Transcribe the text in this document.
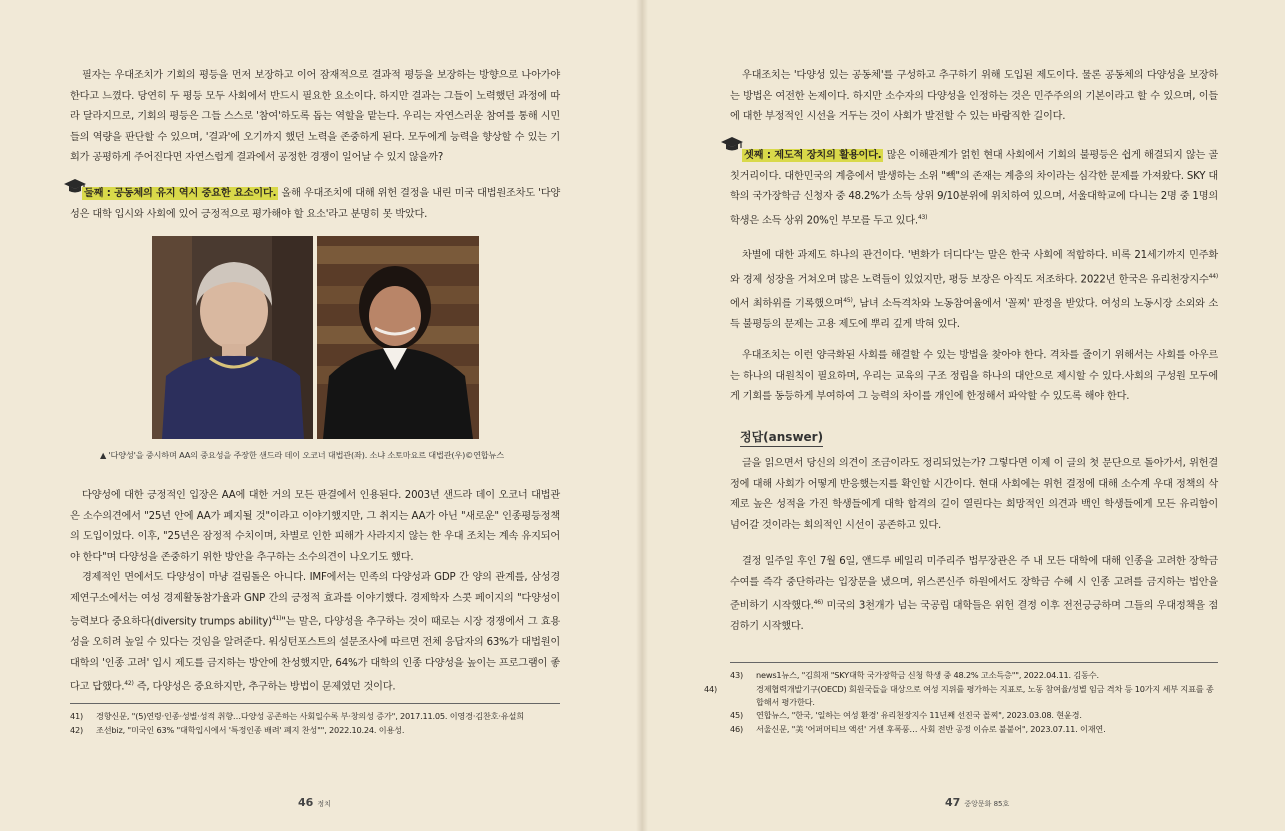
필자는 우대조치가 기회의 평등을 먼저 보장하고 이어 잠재적으로 결과적 평등을 보장하는 방향으로 나아가야 한다고 느꼈다. 당연히 두 평등 모두 사회에서 반드시 필요한 요소이다. 하지만 결과는 그들이 노력했던 과정에 따라 달라지므로, 기회의 평등은 그들 스스로 '참여'하도록 돕는 역할을 맡는다. 우리는 자연스러운 참여를 통해 시민들의 역량을 판단할 수 있으며, '결과'에 오기까지 했던 노력을 존중하게 된다. 모두에게 능력을 향상할 수 있는 기회가 공평하게 주어진다면 자연스럽게 결과에서 공정한 경쟁이 일어날 수 있지 않을까?

둘째 : 공동체의 유지 역시 중요한 요소이다. 올해 우대조치에 대해 위헌 결정을 내린 미국 대법원조차도 '다양성은 대학 입시와 사회에 있어 긍정적으로 평가해야 할 요소'라고 분명히 못 박았다.

▲ '다양성'을 중시하며 AA의 중요성을 주장한 샌드라 데이 오코너 대법관(좌). 소냐 소토마요르 대법관(우)©연합뉴스

다양성에 대한 긍정적인 입장은 AA에 대한 거의 모든 판결에서 인용된다. 2003년 샌드라 데이 오코너 대법관은 소수의견에서 "25년 안에 AA가 폐지될 것"이라고 이야기했지만, 그 취지는 AA가 아닌 "새로운" 인종평등정책의 도입이었다. 이후, "25년은 잠정적 수치이며, 차별로 인한 피해가 사라지지 않는 한 우대 조치는 계속 유지되어야 한다"며 다양성을 존중하기 위한 방안을 추구하는 소수의견이 나오기도 했다.

경제적인 면에서도 다양성이 마냥 걸림돌은 아니다. IMF에서는 민족의 다양성과 GDP 간 양의 관계를, 삼성경제연구소에서는 여성 경제활동참가율과 GNP 간의 긍정적 효과를 이야기했다. 경제학자 스콧 페이지의 "다양성이 능력보다 중요하다(diversity trumps ability)$^{41)}$"는 말은, 다양성을 추구하는 것이 때로는 시장 경쟁에서 그 효용성을 오히려 높일 수 있다는 것임을 알려준다. 워싱턴포스트의 설문조사에 따르면 전체 응답자의 63%가 대법원이 대학의 '인종 고려' 입시 제도를 금지하는 방안에 찬성했지만, 64%가 대학의 인종 다양성을 높이는 프로그램이 좋다고 답했다.$^{42)}$ 즉, 다양성은 중요하지만, 추구하는 방법이 문제였던 것이다.

41) 경향신문, "(5)연령·인종·성별·성적 취향…다양성 공존하는 사회일수록 부·창의성 증가", 2017.11.05. 이영경·김찬호·유설희
42) 조선biz, "미국인 63% "대학입시에서 '특정인종 배려' 폐지 찬성"", 2022.10.24. 이용성.
46 정치

우대조치는 '다양성 있는 공동체'를 구성하고 추구하기 위해 도입된 제도이다. 물론 공동체의 다양성을 보장하는 방법은 여전한 논제이다. 하지만 소수자의 다양성을 인정하는 것은 민주주의의 기본이라고 할 수 있으며, 이들에 대한 부정적인 시선을 거두는 것이 사회가 발전할 수 있는 바람직한 길이다.

셋째 : 제도적 장치의 활용이다. 많은 이해관계가 얽힌 현대 사회에서 기회의 불평등은 쉽게 해결되지 않는 골칫거리이다. 대한민국의 계층에서 발생하는 소위 "빽"의 존재는 계층의 차이라는 심각한 문제를 가져왔다. SKY 대학의 국가장학금 신청자 중 48.2%가 소득 상위 9/10분위에 위치하여 있으며, 서울대학교에 다니는 2명 중 1명의 학생은 소득 상위 20%인 부모를 두고 있다.$^{43)}$

차별에 대한 과제도 하나의 관건이다. '변화가 더디다'는 말은 한국 사회에 적합하다. 비록 21세기까지 민주화와 경제 성장을 거쳐오며 많은 노력들이 있었지만, 평등 보장은 아직도 저조하다. 2022년 한국은 유리천장지수$^{44)}$에서 최하위를 기록했으며$^{45)}$, 남녀 소득격차와 노동참여율에서 '꼴찌' 판정을 받았다. 여성의 노동시장 소외와 소득 불평등의 문제는 고용 제도에 뿌리 깊게 박혀 있다.

우대조치는 이런 양극화된 사회를 해결할 수 있는 방법을 찾아야 한다. 격차를 줄이기 위해서는 사회를 아우르는 하나의 대원칙이 필요하며, 우리는 교육의 구조 정립을 하나의 대안으로 제시할 수 있다.사회의 구성원 모두에게 기회를 동등하게 부여하여 그 능력의 차이를 개인에 한정해서 파악할 수 있도록 해야 한다.

정답(answer)

글을 읽으면서 당신의 의견이 조금이라도 정리되었는가? 그렇다면 이제 이 글의 첫 문단으로 돌아가서, 위헌결정에 대해 사회가 어떻게 반응했는지를 확인할 시간이다. 현대 사회에는 위헌 결정에 대해 소수계 우대 정책의 삭제로 높은 성적을 가진 학생들에게 대학 합격의 길이 열린다는 희망적인 의견과 백인 학생들에게 모든 유리함이 넘어갈 것이라는 회의적인 시선이 공존하고 있다.

결정 일주일 후인 7월 6일, 앤드루 베일리 미주리주 법무장관은 주 내 모든 대학에 대해 인종을 고려한 장학금 수여를 즉각 중단하라는 입장문을 냈으며, 위스콘신주 하원에서도 장학금 수혜 시 인종 고려를 금지하는 법안을 준비하기 시작했다.$^{46)}$ 미국의 3천개가 넘는 국공립 대학들은 위헌 결정 이후 전전긍긍하며 그들의 우대정책을 점검하기 시작했다.

43) news1뉴스, "김희재 "SKY대학 국가장학금 신청 학생 중 48.2% 고소득층"", 2022.04.11. 김동수.
44)	경제협력개발기구(OECD) 회원국들을 대상으로 여성 지위를 평가하는 지표로, 노동 참여율/성별 임금 격차 등 10가지 세부 지표를 종합해서 평가한다.
45) 연합뉴스, "한국, '일하는 여성 환경' 유리천장지수 11년째 선진국 꼴찌", 2023.03.08. 현윤경.
46) 서울신문, "美 '어퍼머티브 액션' 거센 후폭풍… 사회 전반 공정 이슈로 불붙어", 2023.07.11. 이재연.
47 중앙문화 85호
